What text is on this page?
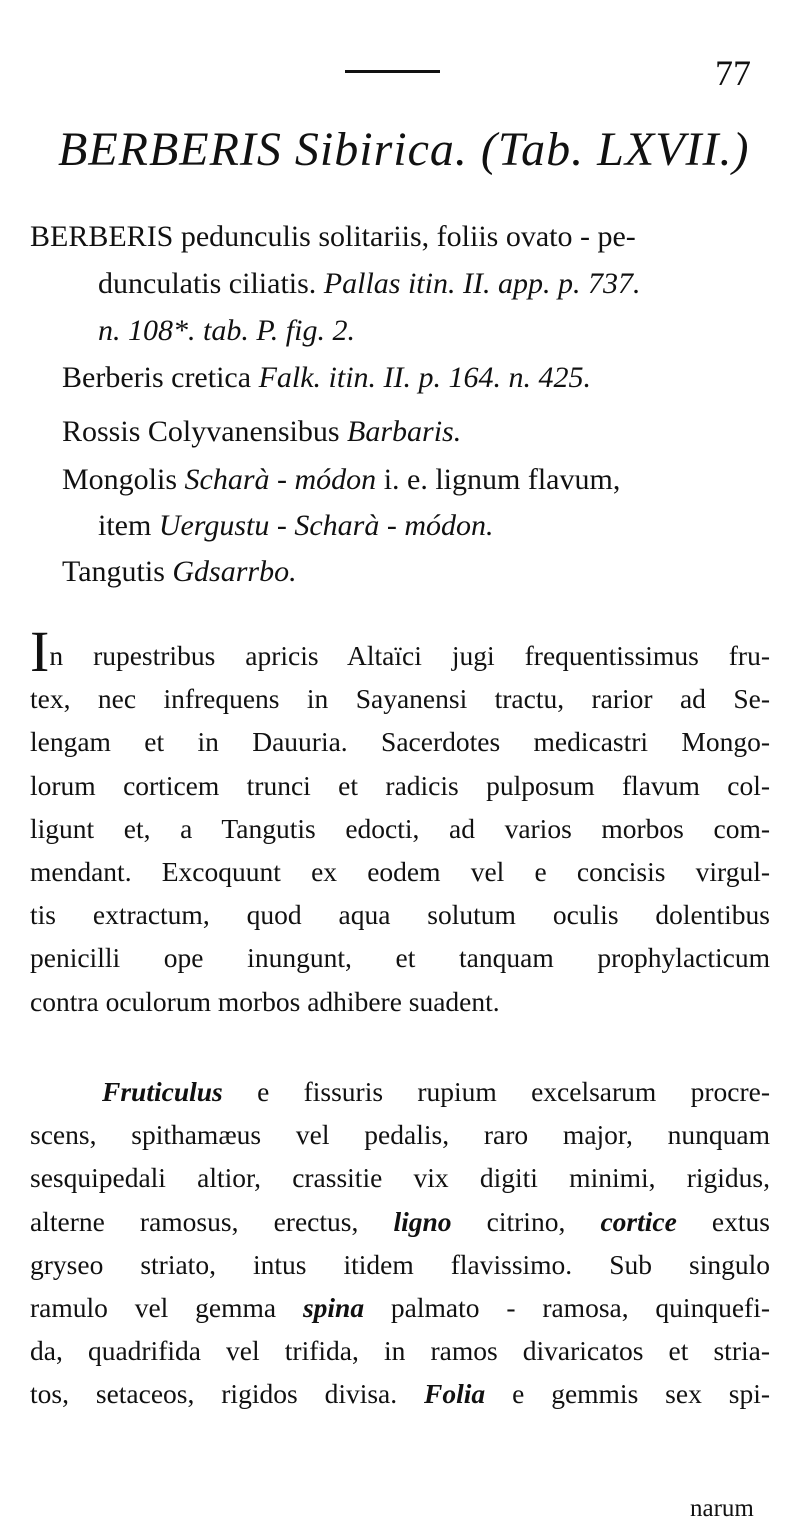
77
BERBERIS Sibirica. (Tab. LXVII.)
BERBERIS pedunculis solitariis, foliis ovato - pe-
dunculatis ciliatis. Pallas itin. II. app. p. 737.
n. 108*. tab. P. fig. 2.
Berberis cretica Falk. itin. II. p. 164. n. 425.
Rossis Colyvanensibus Barbaris.
Mongolis Scharà - módon i. e. lignum flavum,
item Uergustu - Scharà - módon.
Tangutis Gdsarrbo.
In rupestribus apricis Altaïci jugi frequentissimus fru-
tex, nec infrequens in Sayanensi tractu, rarior ad Se-
lengam et in Dauuria. Sacerdotes medicastri Mongo-
lorum corticem trunci et radicis pulposum flavum col-
ligunt et, a Tangutis edocti, ad varios morbos com-
mendant. Excoquunt ex eodem vel e concisis virgul-
tis extractum, quod aqua solutum oculis dolentibus
penicilli ope inungunt, et tanquam prophylacticum
contra oculorum morbos adhibere suadent.
Fruticulus e fissuris rupium excelsarum procre-
scens, spithamæus vel pedalis, raro major, nunquam
sesquipedali altior, crassitie vix digiti minimi, rigidus,
alterne ramosus, erectus, ligno citrino, cortice extus
gryseo striato, intus itidem flavissimo. Sub singulo
ramulo vel gemma spina palmato - ramosa, quinquefi-
da, quadrifida vel trifida, in ramos divaricatos et stria-
tos, setaceos, rigidos divisa. Folia e gemmis sex spi-
narum
